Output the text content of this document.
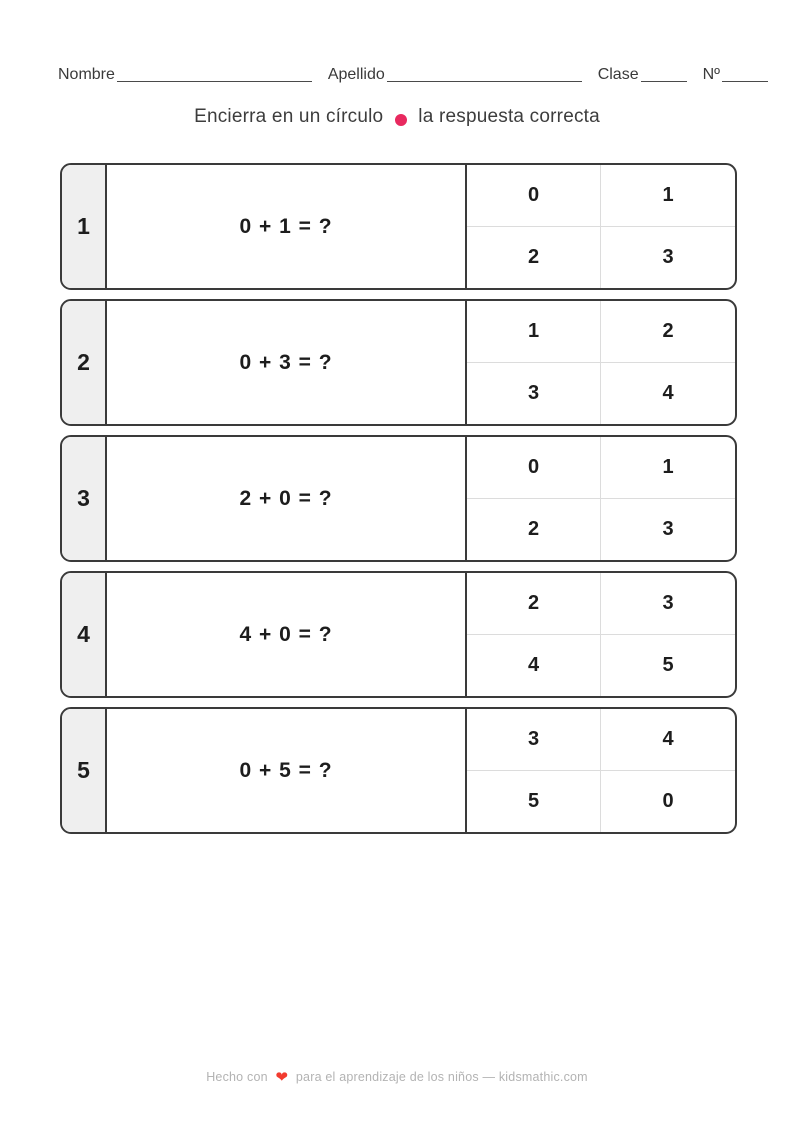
Nombre	Apellido	Clase	Nº
Encierra en un círculo la respuesta correcta
1	0 + 1 = ?
0	1
2	3
2	0 + 3 = ?
1	2
3	4
3	2 + 0 = ?
0	1
2	3
4	4 + 0 = ?
2	3
4	5
5	0 + 5 = ?
3	4
5	0
Hecho con ❤ para el aprendizaje de los niños — kidsmathic.com
